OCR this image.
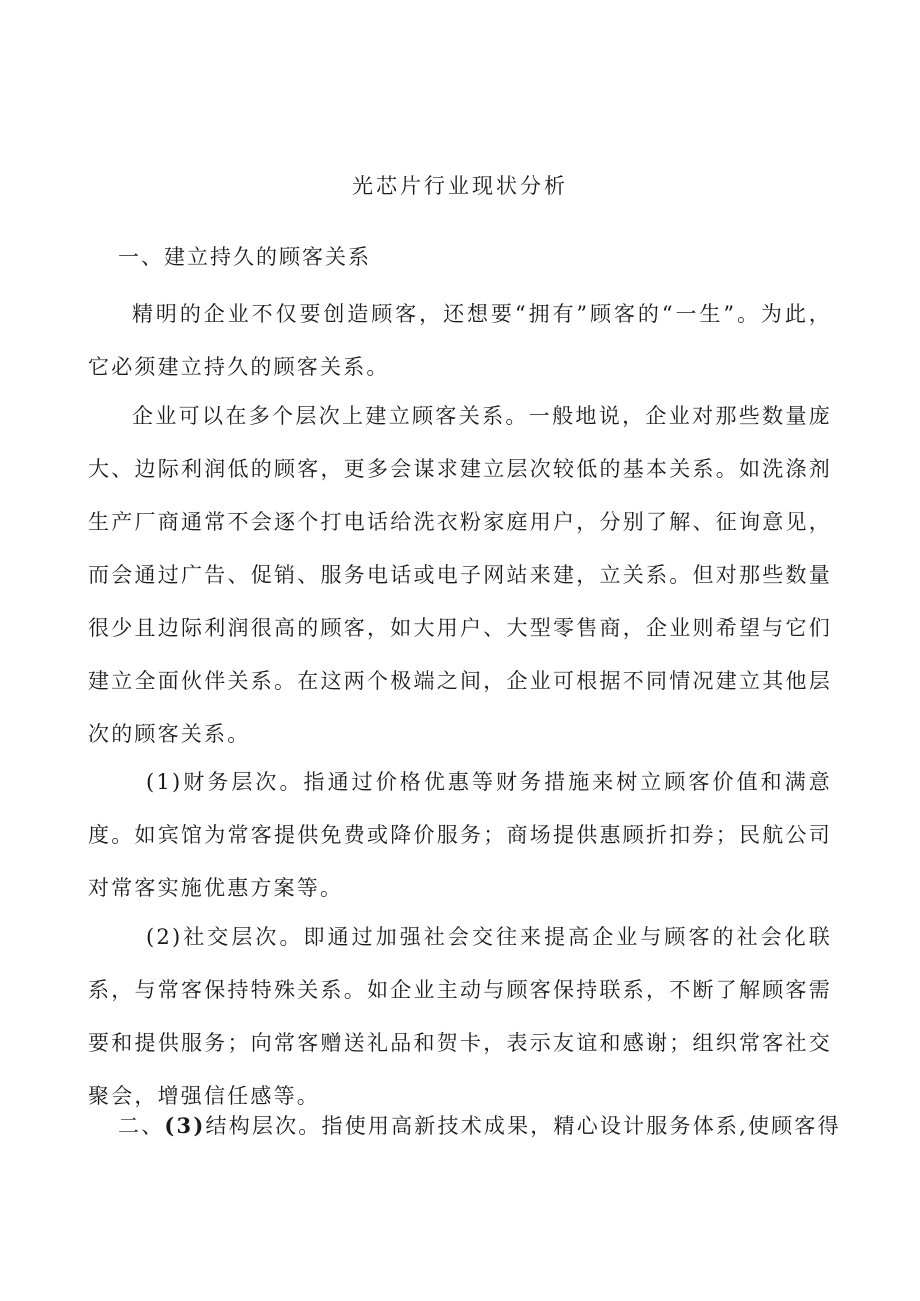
光芯片行业现状分析
一、建立持久的顾客关系

精明的企业不仅要创造顾客，还想要“拥有”顾客的“一生”。为此，它必须建立持久的顾客关系。

企业可以在多个层次上建立顾客关系。一般地说，企业对那些数量庞大、边际利润低的顾客，更多会谋求建立层次较低的基本关系。如洗涤剂生产厂商通常不会逐个打电话给洗衣粉家庭用户，分别了解、征询意见，而会通过广告、促销、服务电话或电子网站来建，立关系。但对那些数量很少且边际利润很高的顾客，如大用户、大型零售商，企业则希望与它们建立全面伙伴关系。在这两个极端之间，企业可根据不同情况建立其他层次的顾客关系。

(1)财务层次。指通过价格优惠等财务措施来树立顾客价值和满意度。如宾馆为常客提供免费或降价服务；商场提供惠顾折扣券；民航公司对常客实施优惠方案等。

(2)社交层次。即通过加强社会交往来提高企业与顾客的社会化联系，与常客保持特殊关系。如企业主动与顾客保持联系，不断了解顾客需要和提供服务；向常客赠送礼品和贺卡，表示友谊和感谢；组织常客社交聚会，增强信任感等。

二、(3)结构层次。指使用高新技术成果，精心设计服务体系,使顾客得
